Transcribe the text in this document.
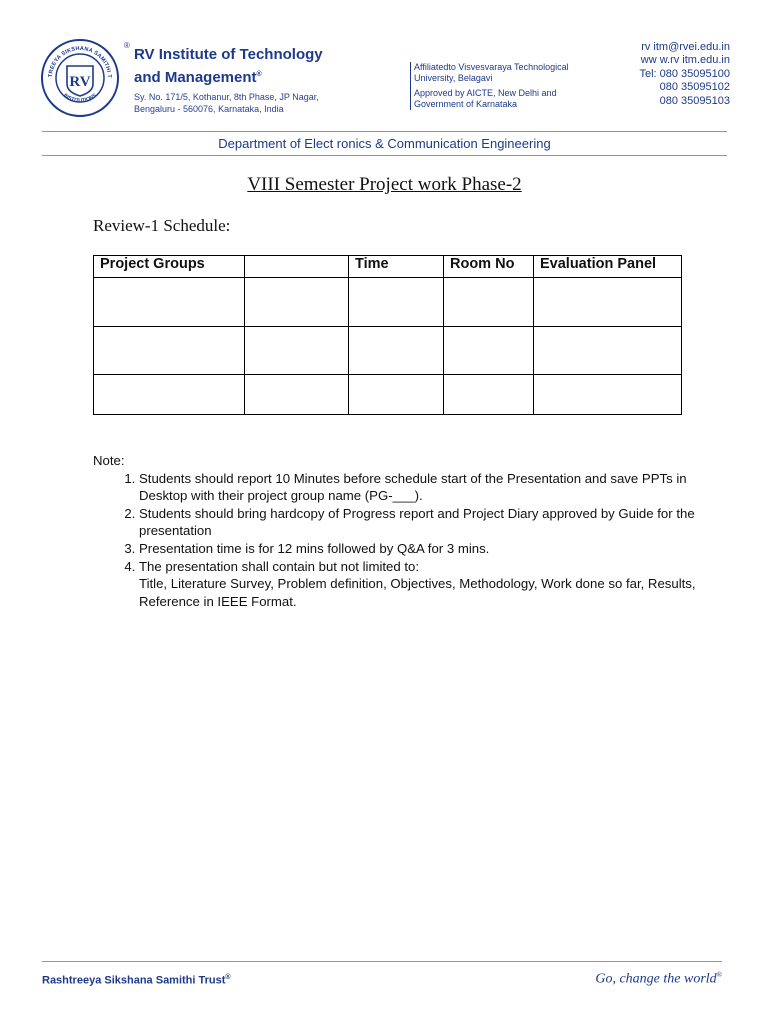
TREEYA SIKSHANA SAMITHI T
RV
INSTITUTIONS
RV Institute of Technology
and Management®
Sy. No. 171/5, Kothanur, 8th Phase, JP Nagar,
Bengaluru - 560076, Karnataka, India
®
Affiliatedto Visvesvaraya Technological
University, Belagavi
Approved by AICTE, New Delhi and
Government of Karnataka
rv itm@rvei.edu.in
ww w.rv itm.edu.in
Tel: 080 35095100
080 35095102
080 35095103
Department of Elect ronics & Communication Engineering
VIII Semester Project work Phase-2
Review-1 Schedule:
Project Groups		Time	Room No	Evaluation Panel

Note:
1. Students should report 10 Minutes before schedule start of the Presentation and save PPTs in Desktop with their project group name (PG-___).
2. Students should bring hardcopy of Progress report and Project Diary approved by Guide for the presentation
3. Presentation time is for 12 mins followed by Q&A for 3 mins.
4. The presentation shall contain but not limited to:
Title, Literature Survey, Problem definition, Objectives, Methodology, Work done so far, Results, Reference in IEEE Format.
Rashtreeya Sikshana Samithi Trust®	Go, change the world®
